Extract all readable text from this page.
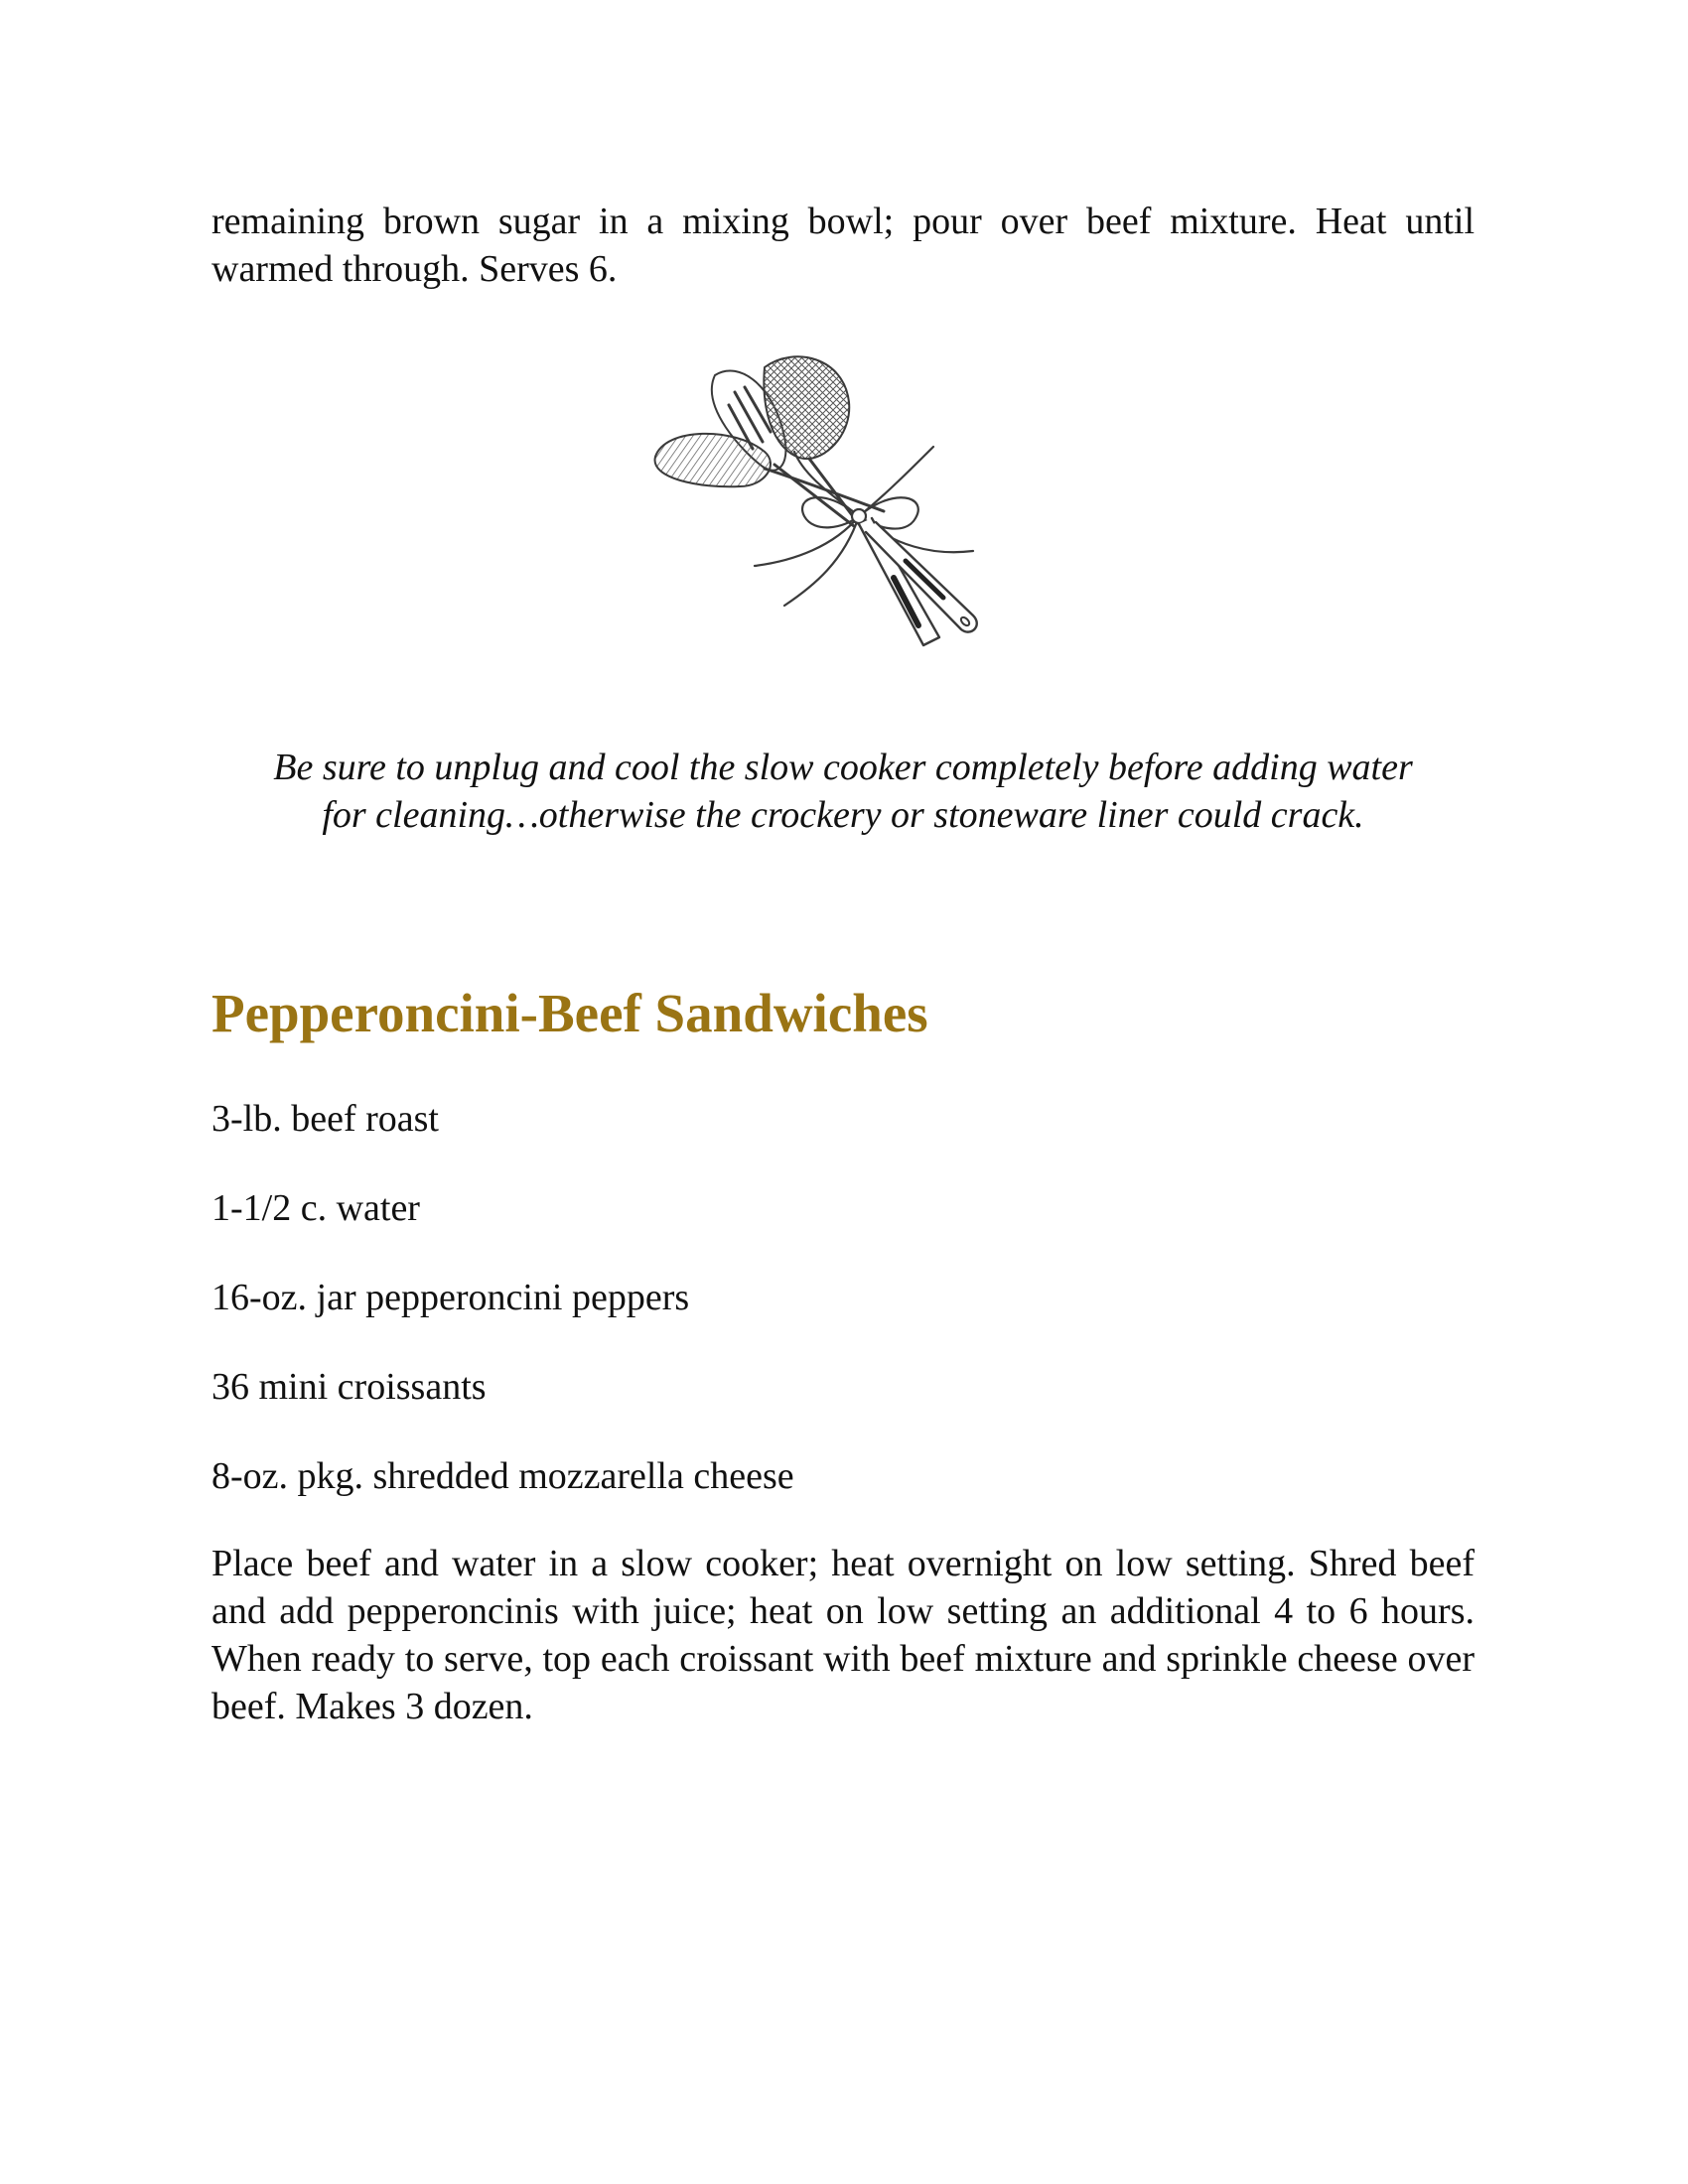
remaining brown sugar in a mixing bowl; pour over beef mixture. Heat until warmed through. Serves 6.

Be sure to unplug and cool the slow cooker completely before adding water
for cleaning…otherwise the crockery or stoneware liner could crack.
Pepperoncini-Beef Sandwiches
3-lb. beef roast
1-1/2 c. water
16-oz. jar pepperoncini peppers
36 mini croissants
8-oz. pkg. shredded mozzarella cheese

Place beef and water in a slow cooker; heat overnight on low setting. Shred beef and add pepperoncinis with juice; heat on low setting an additional 4 to 6 hours. When ready to serve, top each croissant with beef mixture and sprinkle cheese over beef. Makes 3 dozen.
